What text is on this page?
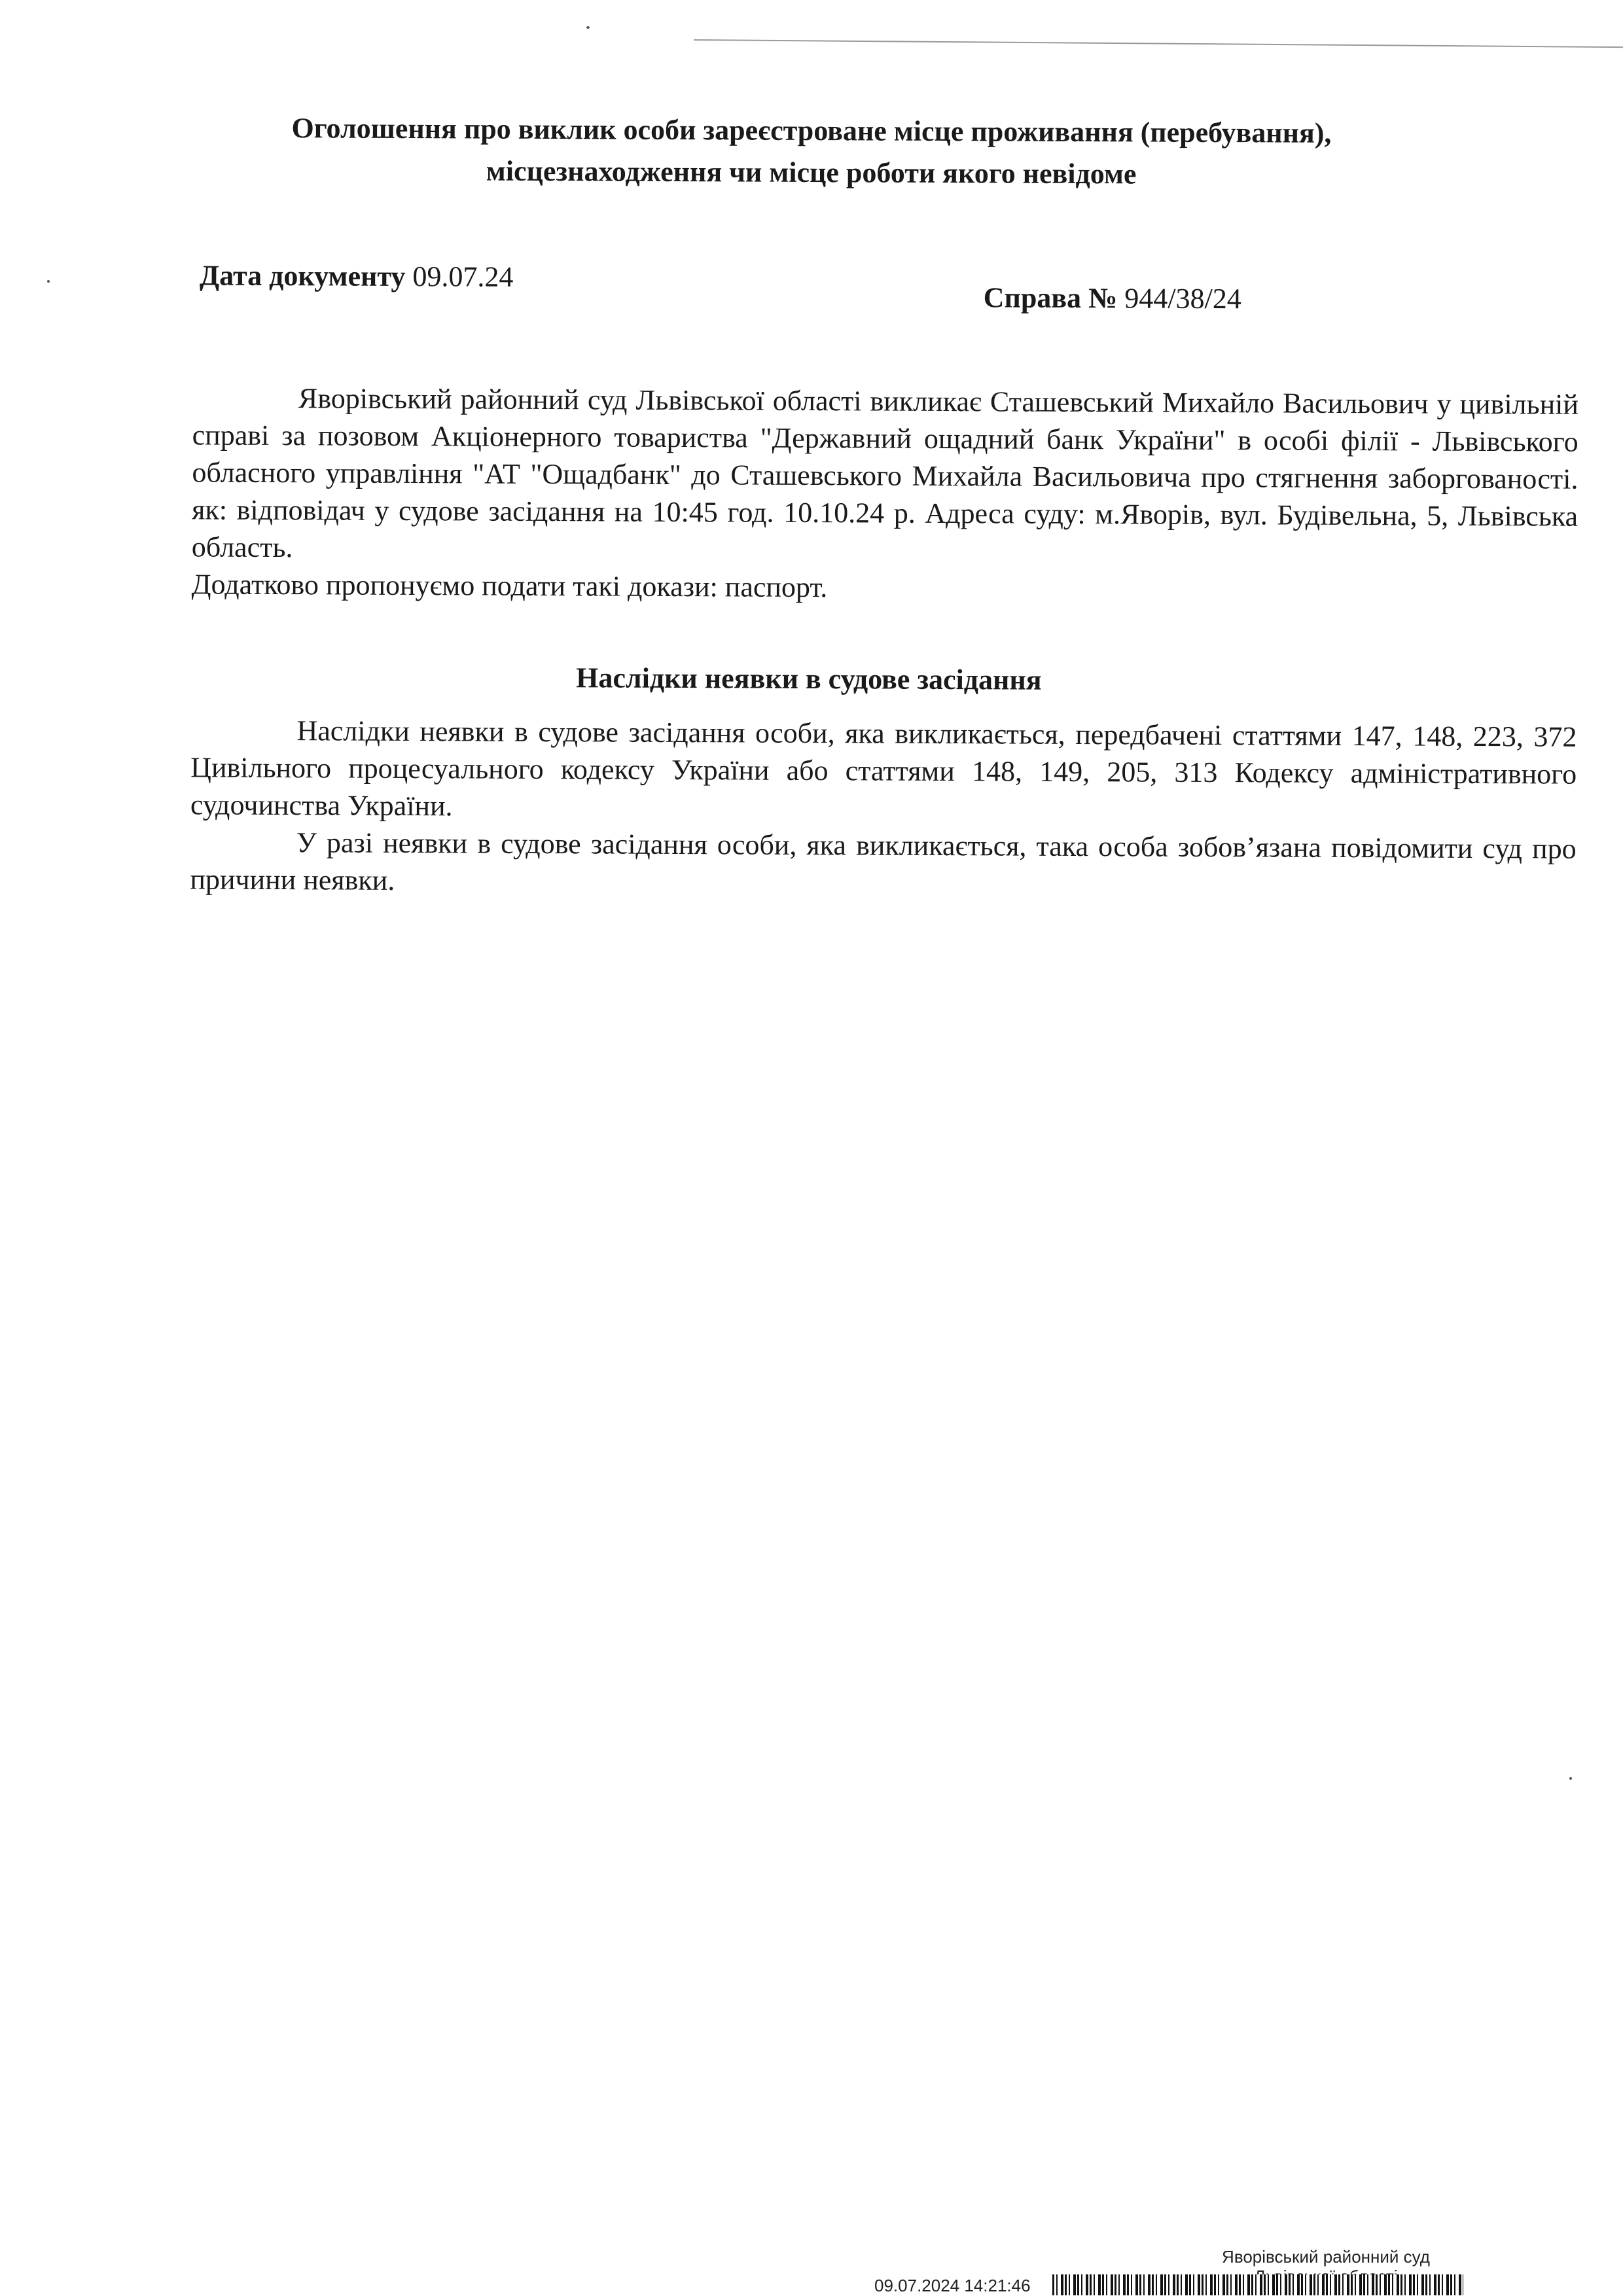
Оголошення про виклик особи зареєстроване місце проживання (перебування),
місцезнаходження чи місце роботи якого невідоме
Дата документу 09.07.24
Справа № 944/38/24

Яворівський районний суд Львівської області викликає Сташевський Михайло Васильович у цивільній справі за позовом Акціонерного товариства "Державний ощадний банк України" в особі філії - Львівського обласного управління "АТ "Ощадбанк" до Сташевського Михайла Васильовича про стягнення заборгованості. як: відповідач у судове засідання на 10:45 год. 10.10.24 р. Адреса суду: м.Яворів, вул. Будівельна, 5, Львівська область.

Додатково пропонуємо подати такі докази: паспорт.

Наслідки неявки в судове засідання

Наслідки неявки в судове засідання особи, яка викликається, передбачені статтями 147, 148, 223, 372 Цивільного процесуального кодексу України або статтями 148, 149, 205, 313 Кодексу адміністративного судочинства України.

У разі неявки в судове засідання особи, яка викликається, така особа зобов’язана повідомити суд про причини неявки.

Яворівський районний суд
09.07.2024 14:21:46
